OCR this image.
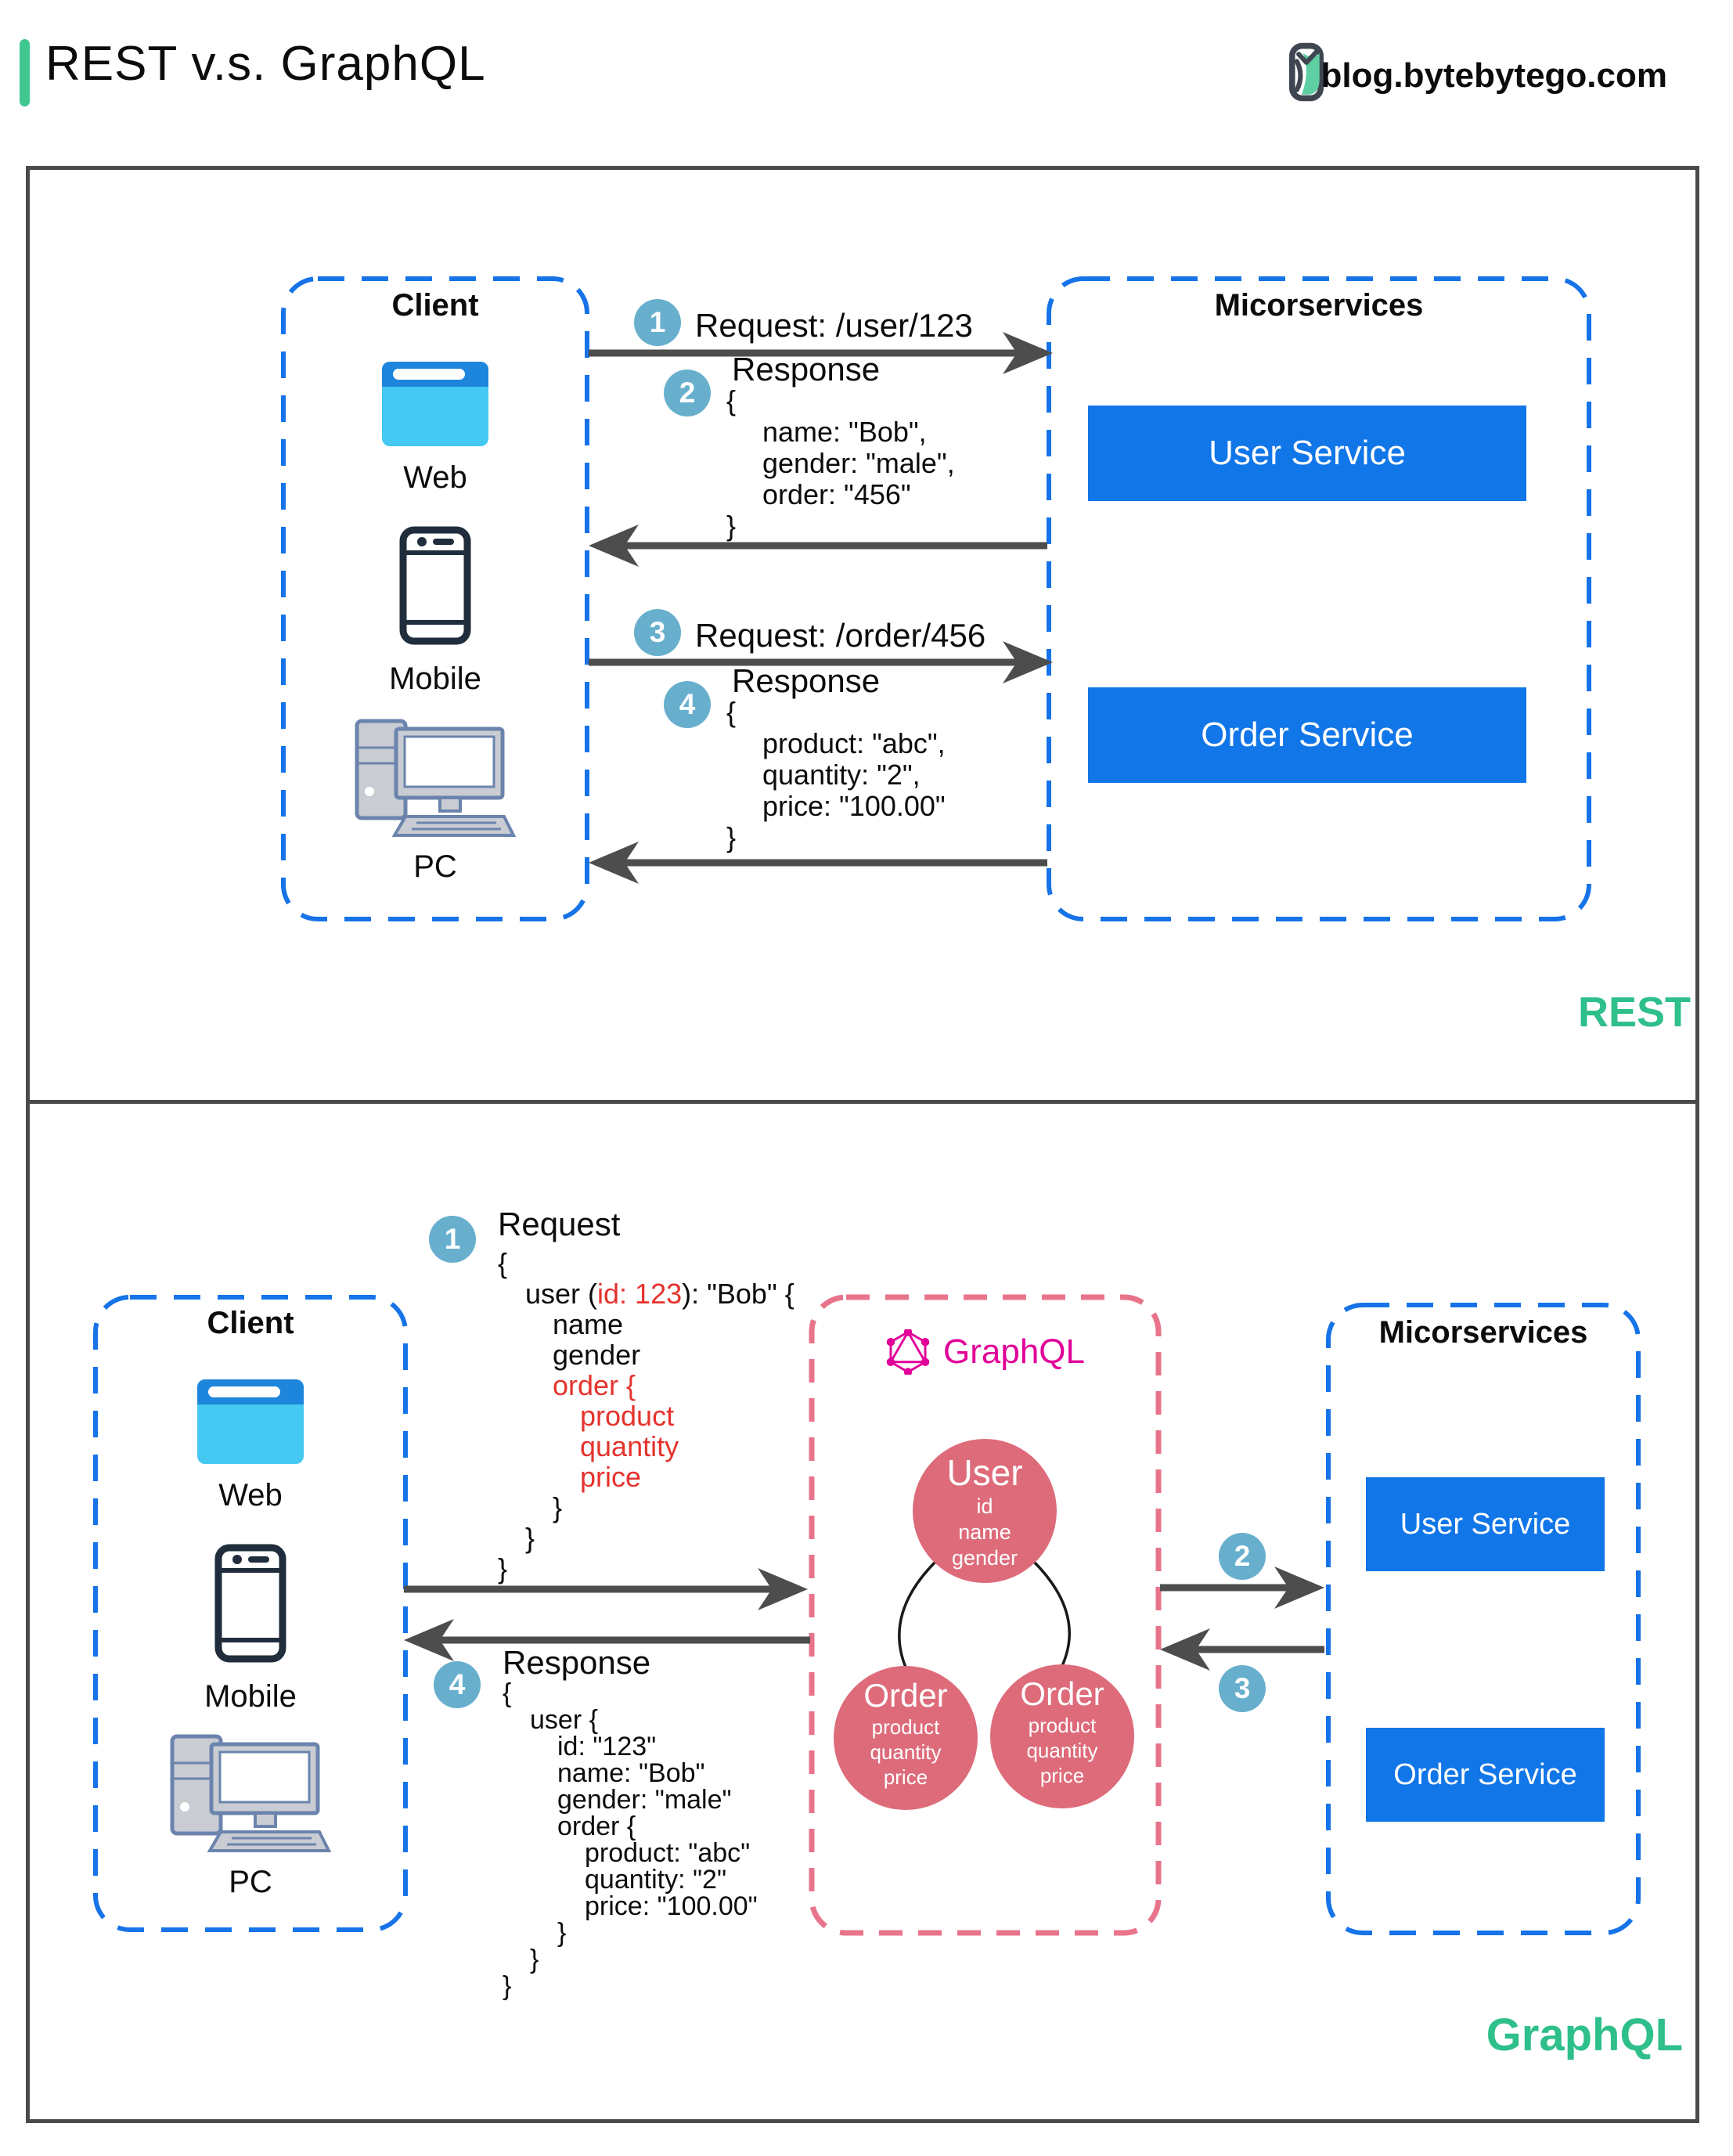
REST v.s. GraphQL	blog.bytebytego.com
Client
Web
Mobile
PC
Micorservices
User Service
Order Service
1 Request: /user/123
2
Response
{
name: "Bob",
gender: "male",
order: "456"
}
3 Request: /order/456
4
Response
{
product: "abc",
quantity: "2",
price: "100.00"
}
REST
1	Request
{
user (id: 123): "Bob" {
name
gender
order {
product
quantity
price
}
}
}
Client
Web
Mobile
PC
4
Response
{
user {
id: "123"
name: "Bob"
gender: "male"
order {
product: "abc"
quantity: "2"
price: "100.00"
}
}
}
GraphQL
User
id
name
gender
Order
product
quantity
price
Order
product
quantity
price
2
3
Micorservices
User Service
Order Service
GraphQL
